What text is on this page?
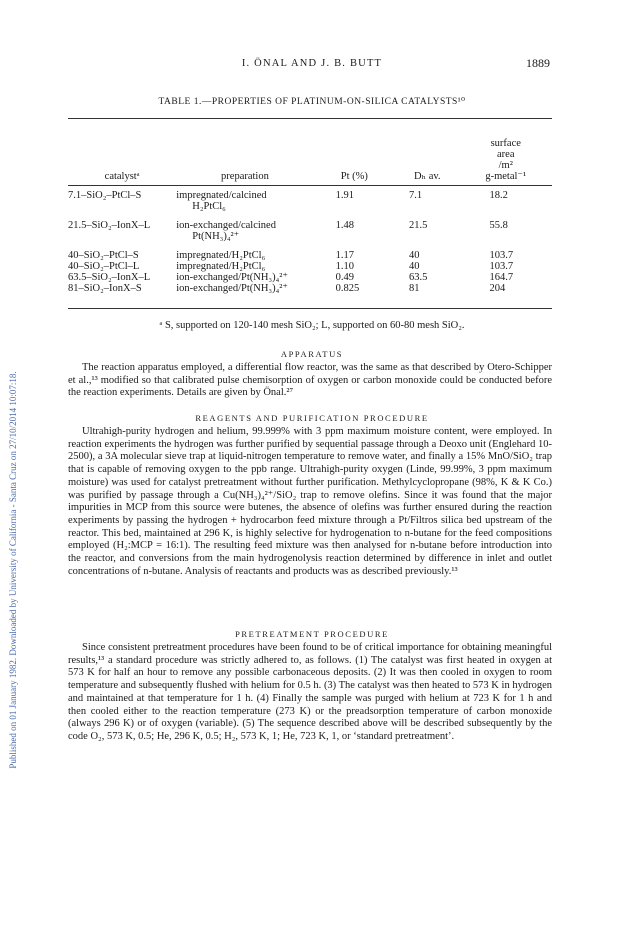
I. ÖNAL AND J. B. BUTT	1889
TABLE 1.—PROPERTIES OF PLATINUM-ON-SILICA CATALYSTS¹⁰
catalystᵃ	preparation	Pt (%)	Dₕ av.	surface
area
/m²
g-metal⁻¹

7.1–SiO₂–PtCl–S	impregnated/calcined
H₂PtCl₆	1.91	7.1	18.2
21.5–SiO₂–IonX–L	ion-exchanged/calcined
Pt(NH₃)₄²⁺	1.48	21.5	55.8
40–SiO₂–PtCl–S	impregnated/H₂PtCl₆	1.17	40	103.7
40–SiO₂–PtCl–L	impregnated/H₂PtCl₆	1.10	40	103.7
63.5–SiO₂–IonX–L	ion-exchanged/Pt(NH₃)₄²⁺	0.49	63.5	164.7
81–SiO₂–IonX–S	ion-exchanged/Pt(NH₃)₄²⁺	0.825	81	204
ᵃ S, supported on 120-140 mesh SiO₂; L, supported on 60-80 mesh SiO₂.
APPARATUS
The reaction apparatus employed, a differential flow reactor, was the same as that described by Otero-Schipper et al.,¹³ modified so that calibrated pulse chemisorption of oxygen or carbon monoxide could be conducted before the reaction experiments. Details are given by Önal.²⁷
REAGENTS AND PURIFICATION PROCEDURE
Ultrahigh-purity hydrogen and helium, 99.999% with 3 ppm maximum moisture content, were employed. In reaction experiments the hydrogen was further purified by sequential passage through a Deoxo unit (Englehard 10-2500), a 3A molecular sieve trap at liquid-nitrogen temperature to remove water, and finally a 15% MnO/SiO₂ trap that is capable of removing oxygen to the ppb range. Ultrahigh-purity oxygen (Linde, 99.99%, 3 ppm maximum moisture) was used for catalyst pretreatment without further purification. Methylcyclopropane (98%, K & K Co.) was purified by passage through a Cu(NH₃)₄²⁺/SiO₂ trap to remove olefins. Since it was found that the major impurities in MCP from this source were butenes, the absence of olefins was further ensured during the reaction experiments by passing the hydrogen + hydrocarbon feed mixture through a Pt/Filtros silica bed upstream of the reactor. This bed, maintained at 296 K, is highly selective for hydrogenation to n-butane for the feed compositions employed (H₂:MCP = 16:1). The resulting feed mixture was then analysed for n-butane before introduction into the reactor, and conversions from the main hydrogenolysis reaction determined by difference in inlet and outlet concentrations of n-butane. Analysis of reactants and products was as described previously.¹³
PRETREATMENT PROCEDURE
Since consistent pretreatment procedures have been found to be of critical importance for obtaining meaningful results,¹³ a standard procedure was strictly adhered to, as follows. (1) The catalyst was first heated in oxygen at 573 K for half an hour to remove any possible carbonaceous deposits. (2) It was then cooled in oxygen to room temperature and subsequently flushed with helium for 0.5 h. (3) The catalyst was then heated to 573 K in hydrogen and maintained at that temperature for 1 h. (4) Finally the sample was purged with helium at 723 K for 1 h and then cooled either to the reaction temperature (273 K) or the preadsorption temperature of carbon monoxide (always 296 K) or of oxygen (variable). (5) The sequence described above will be described subsequently by the code O₂, 573 K, 0.5; He, 296 K, 0.5; H₂, 573 K, 1; He, 723 K, 1, or ‘standard pretreatment’.
Published on 01 January 1982. Downloaded by University of California - Santa Cruz on 27/10/2014 10:07:18.
